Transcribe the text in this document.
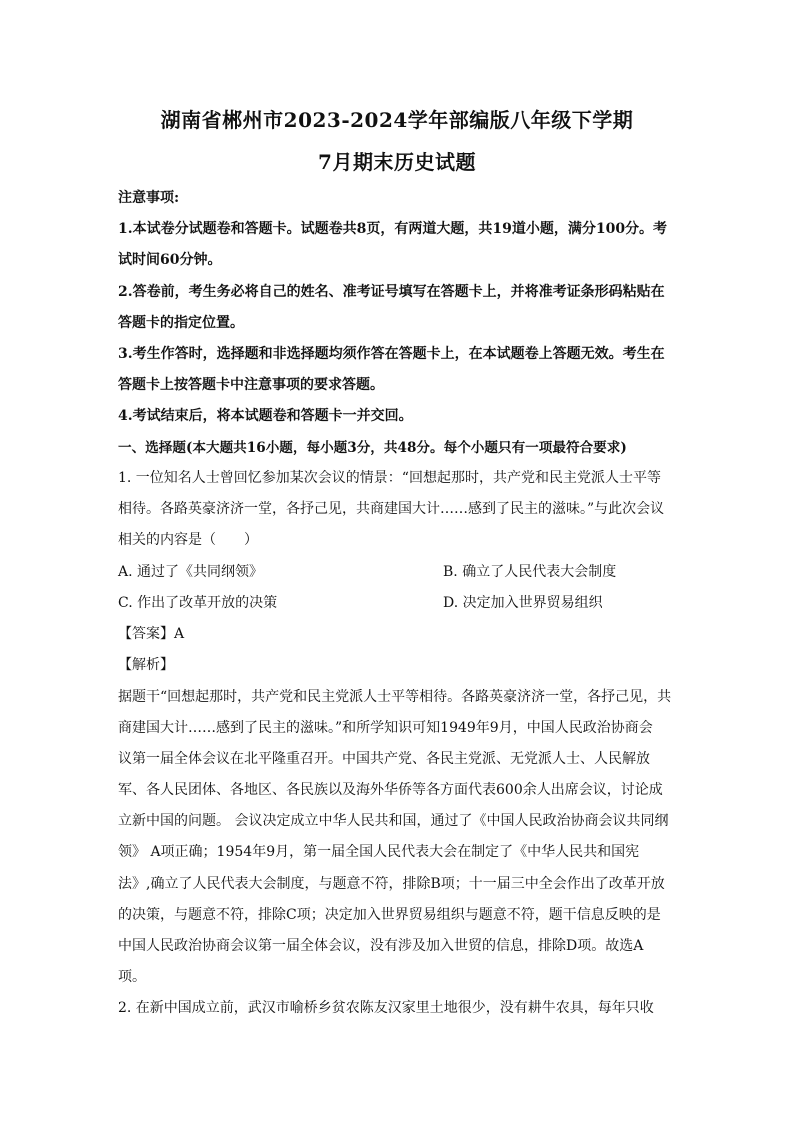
湖南省郴州市2023-2024学年部编版八年级下学期
7月期末历史试题
注意事项:
1.本试卷分试题卷和答题卡。试题卷共8页，有两道大题，共19道小题，满分100分。考
试时间60分钟。
2.答卷前，考生务必将自己的姓名、准考证号填写在答题卡上，并将准考证条形码粘贴在
答题卡的指定位置。
3.考生作答时，选择题和非选择题均须作答在答题卡上，在本试题卷上答题无效。考生在
答题卡上按答题卡中注意事项的要求答题。
4.考试结束后，将本试题卷和答题卡一并交回。
一、选择题(本大题共16小题，每小题3分，共48分。每个小题只有一项最符合要求)
1. 一位知名人士曾回忆参加某次会议的情景：“回想起那时，共产党和民主党派人士平等
相待。各路英豪济济一堂，各抒己见，共商建国大计……感到了民主的滋味。”与此次会议
相关的内容是（　　）
A. 通过了《共同纲领》	B. 确立了人民代表大会制度
C. 作出了改革开放的决策	D. 决定加入世界贸易组织
【答案】A
【解析】
据题干“回想起那时，共产党和民主党派人士平等相待。各路英豪济济一堂，各抒己见，共
商建国大计……感到了民主的滋味。”和所学知识可知1949年9月，中国人民政治协商会
议第一届全体会议在北平隆重召开。中国共产党、各民主党派、无党派人士、人民解放
军、各人民团体、各地区、各民族以及海外华侨等各方面代表600余人出席会议，讨论成
立新中国的问题。 会议决定成立中华人民共和国，通过了《中国人民政治协商会议共同纲
领》 A项正确；1954年9月，第一届全国人民代表大会在制定了《中华人民共和国宪
法》,确立了人民代表大会制度，与题意不符，排除B项；十一届三中全会作出了改革开放
的决策，与题意不符，排除C项；决定加入世界贸易组织与题意不符，题干信息反映的是
中国人民政治协商会议第一届全体会议，没有涉及加入世贸的信息，排除D项。故选A
项。
2. 在新中国成立前，武汉市喻桥乡贫农陈友汉家里土地很少，没有耕牛农具，每年只收
